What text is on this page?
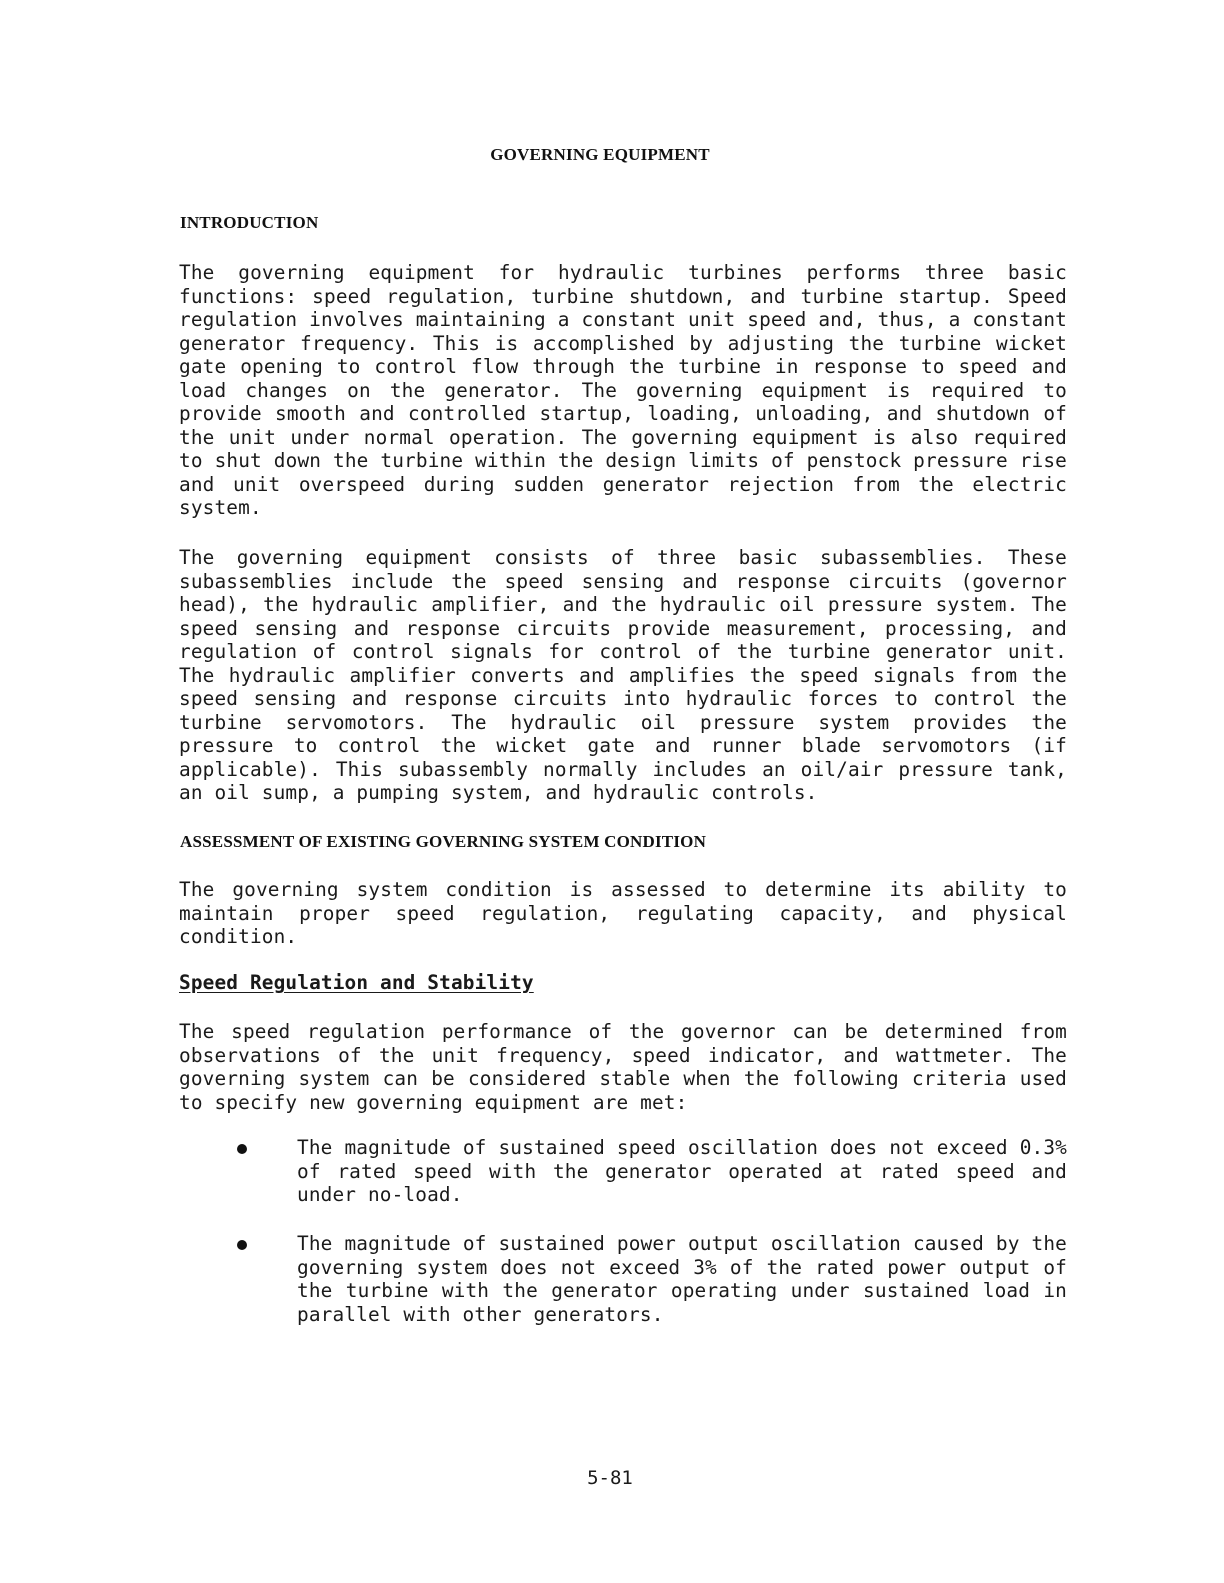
GOVERNING EQUIPMENT
INTRODUCTION

The governing equipment for hydraulic turbines performs three basic functions: speed regulation, turbine shutdown, and turbine startup. Speed regulation involves maintaining a constant unit speed and, thus, a constant generator frequency. This is accomplished by adjusting the turbine wicket gate opening to control flow through the turbine in response to speed and load changes on the generator. The governing equipment is required to provide smooth and controlled startup, loading, unloading, and shutdown of the unit under normal operation. The governing equipment is also required to shut down the turbine within the design limits of penstock pressure rise and unit overspeed during sudden generator rejection from the electric system.

The governing equipment consists of three basic subassemblies. These subassemblies include the speed sensing and response circuits (governor head), the hydraulic amplifier, and the hydraulic oil pressure system. The speed sensing and response circuits provide measurement, processing, and regulation of control signals for control of the turbine generator unit. The hydraulic amplifier converts and amplifies the speed signals from the speed sensing and response circuits into hydraulic forces to control the turbine servomotors. The hydraulic oil pressure system provides the pressure to control the wicket gate and runner blade servomotors (if applicable). This subassembly normally includes an oil/air pressure tank, an oil sump, a pumping system, and hydraulic controls.

ASSESSMENT OF EXISTING GOVERNING SYSTEM CONDITION

The governing system condition is assessed to determine its ability to maintain proper speed regulation, regulating capacity, and physical condition.

Speed Regulation and Stability

The speed regulation performance of the governor can be determined from observations of the unit frequency, speed indicator, and wattmeter. The governing system can be considered stable when the following criteria used to specify new governing equipment are met:

The magnitude of sustained speed oscillation does not exceed 0.3% of rated speed with the generator operated at rated speed and under no-load.

The magnitude of sustained power output oscillation caused by the governing system does not exceed 3% of the rated power output of the turbine with the generator operating under sustained load in parallel with other generators.

5-81
